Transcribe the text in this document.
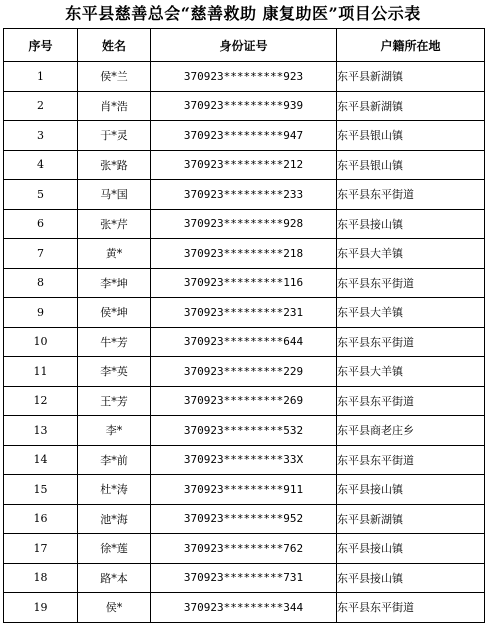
东平县慈善总会“慈善救助 康复助医”项目公示表
序号	姓名	身份证号	户籍所在地
1	侯*兰	370923*********923	东平县新湖镇
2	肖*浩	370923*********939	东平县新湖镇
3	于*灵	370923*********947	东平县银山镇
4	张*路	370923*********212	东平县银山镇
5	马*国	370923*********233	东平县东平街道
6	张*芹	370923*********928	东平县接山镇
7	黄*	370923*********218	东平县大羊镇
8	李*坤	370923*********116	东平县东平街道
9	侯*坤	370923*********231	东平县大羊镇
10	牛*芳	370923*********644	东平县东平街道
11	李*英	370923*********229	东平县大羊镇
12	王*芳	370923*********269	东平县东平街道
13	李*	370923*********532	东平县商老庄乡
14	李*前	370923*********33X	东平县东平街道
15	杜*涛	370923*********911	东平县接山镇
16	池*海	370923*********952	东平县新湖镇
17	徐*莲	370923*********762	东平县接山镇
18	路*本	370923*********731	东平县接山镇
19	侯*	370923*********344	东平县东平街道
